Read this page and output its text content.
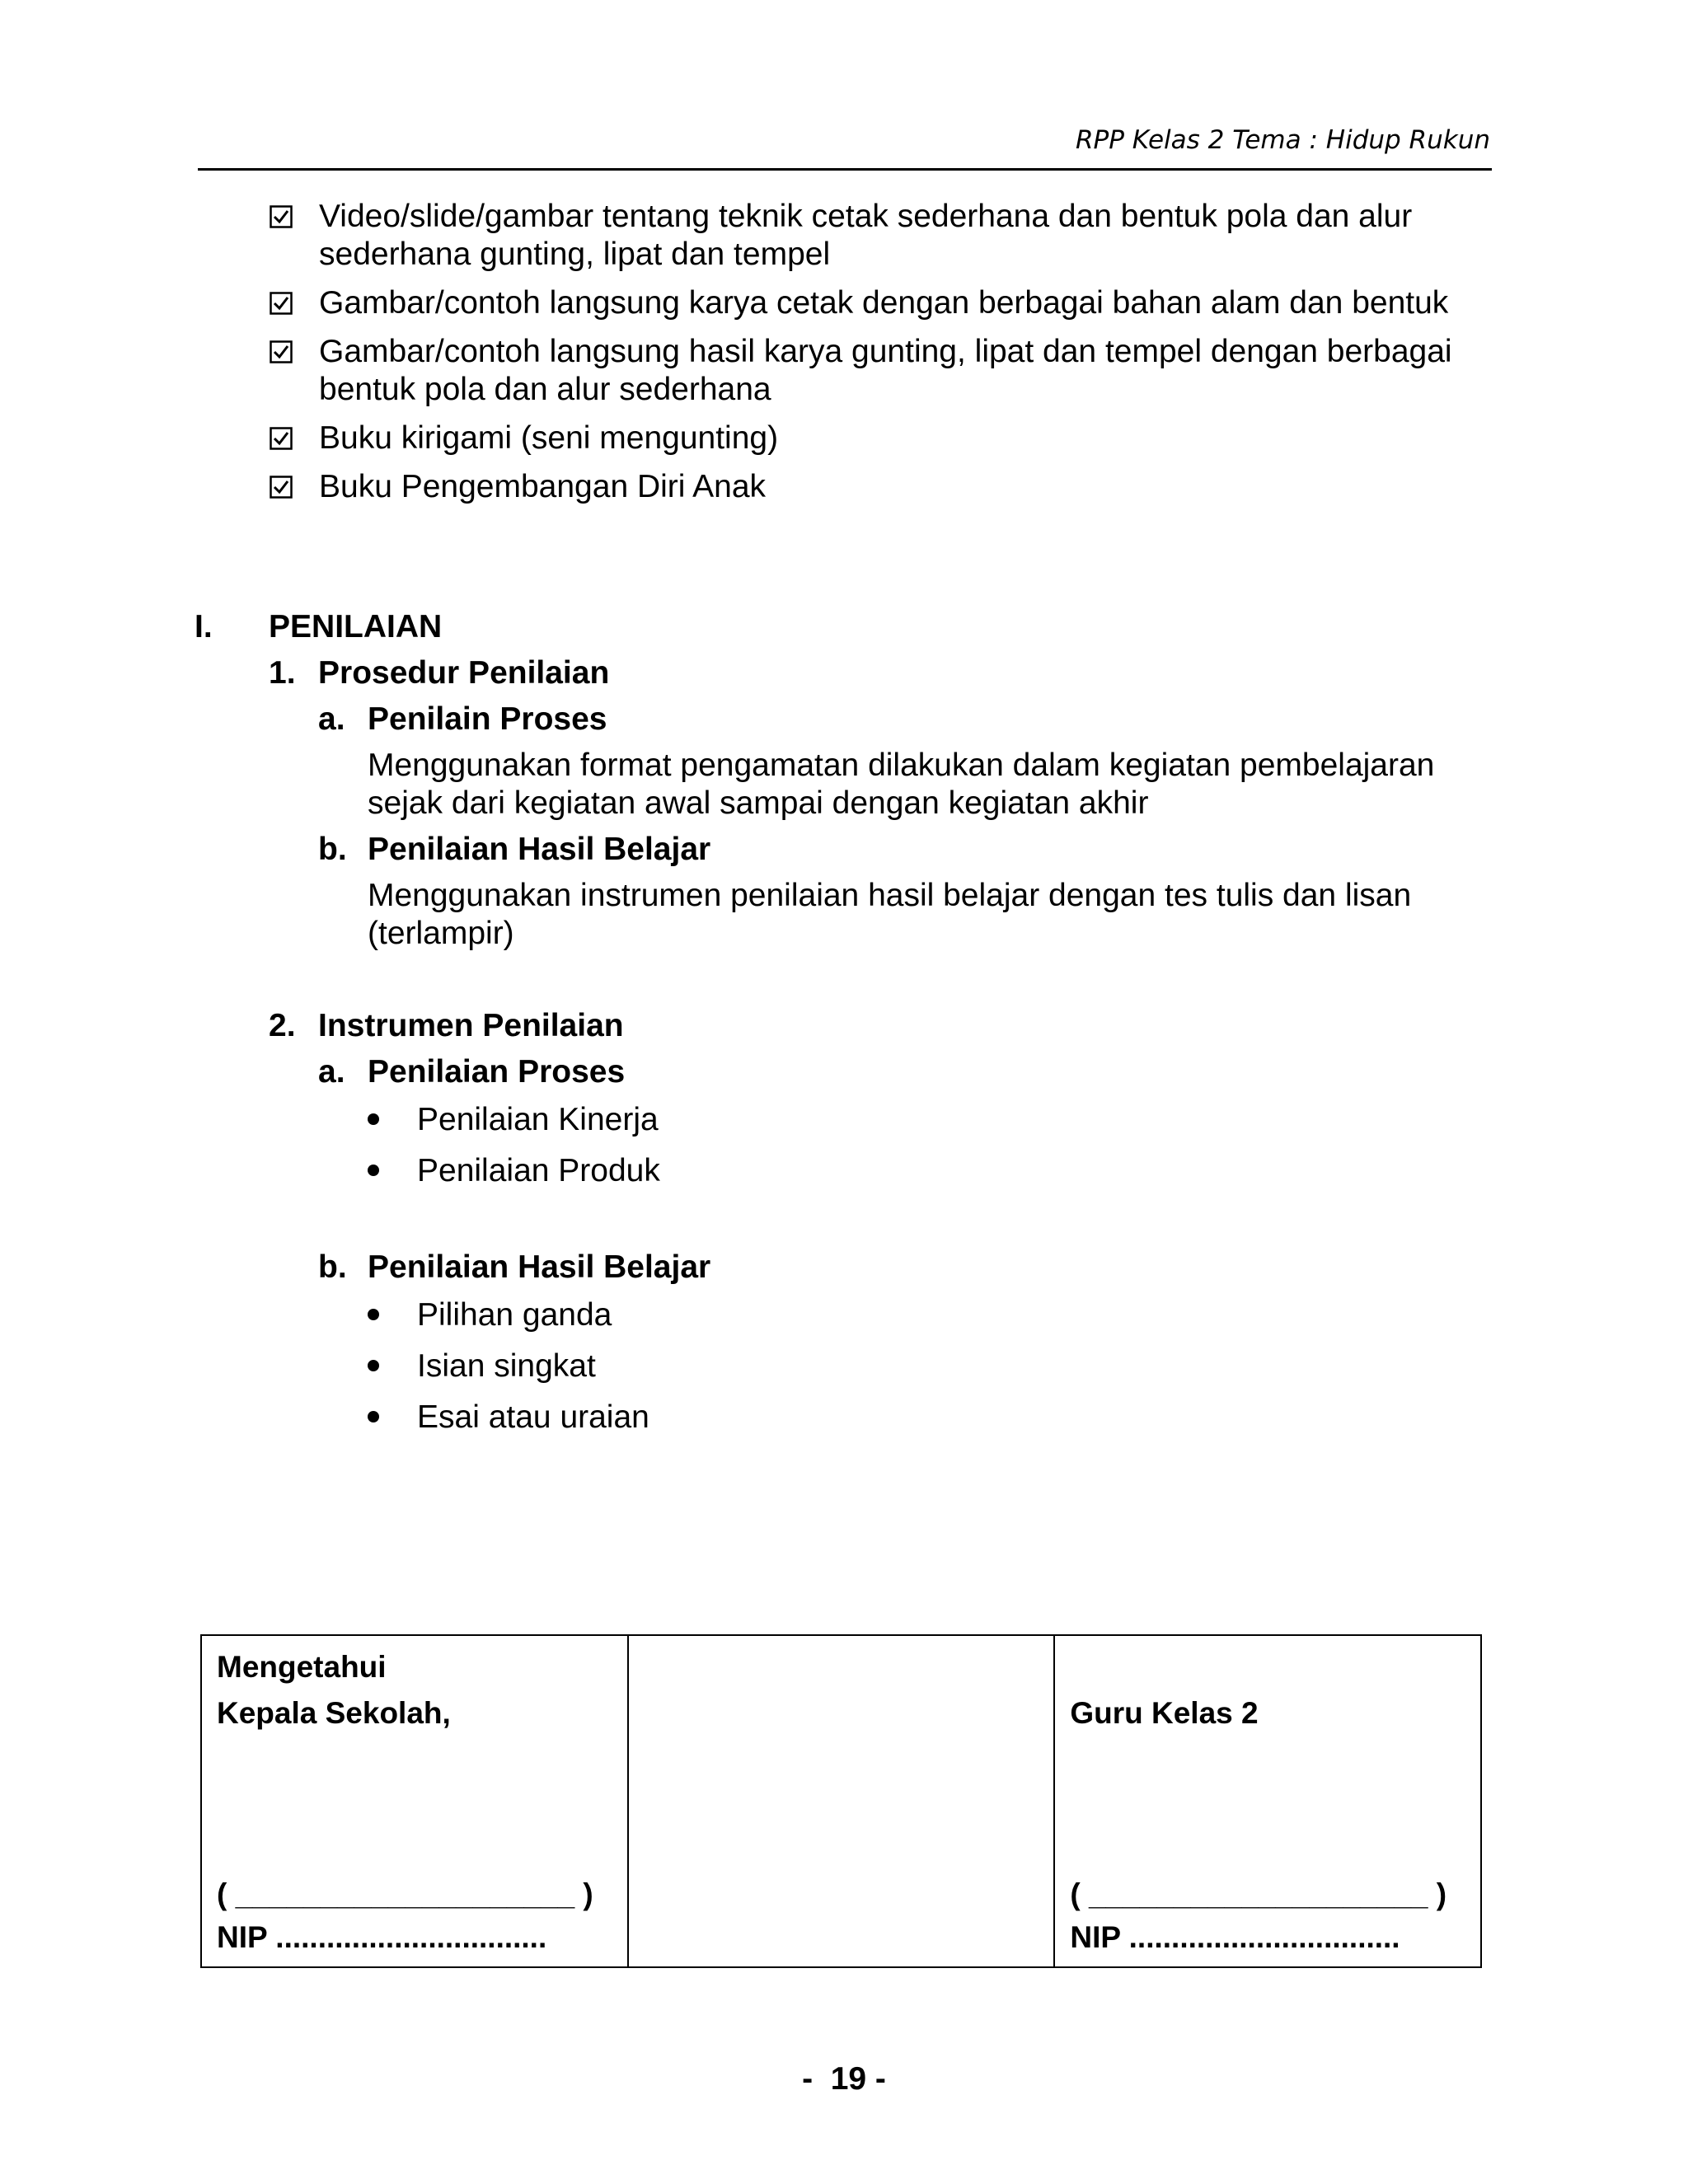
RPP Kelas 2 Tema : Hidup Rukun
Video/slide/gambar tentang teknik cetak sederhana dan bentuk pola dan alur sederhana gunting, lipat dan tempel
Gambar/contoh langsung karya cetak dengan berbagai bahan alam dan bentuk
Gambar/contoh langsung hasil karya gunting, lipat dan tempel dengan berbagai bentuk pola dan alur sederhana
Buku kirigami (seni mengunting)
Buku Pengembangan Diri Anak
I. PENILAIAN
1. Prosedur Penilaian
a. Penilain Proses
Menggunakan format pengamatan dilakukan dalam kegiatan pembelajaran sejak dari kegiatan awal sampai dengan kegiatan akhir
b. Penilaian Hasil Belajar
Menggunakan instrumen penilaian hasil belajar dengan tes tulis dan lisan (terlampir)
2. Instrumen Penilaian
a. Penilaian Proses
Penilaian Kinerja
Penilaian Produk
b. Penilaian Hasil Belajar
Pilihan ganda
Isian singkat
Esai atau uraian
Mengetahui
Kepala Sekolah,
( ____________________ )
NIP ................................
Guru Kelas 2
( ____________________ )
NIP ................................
-  19 -
